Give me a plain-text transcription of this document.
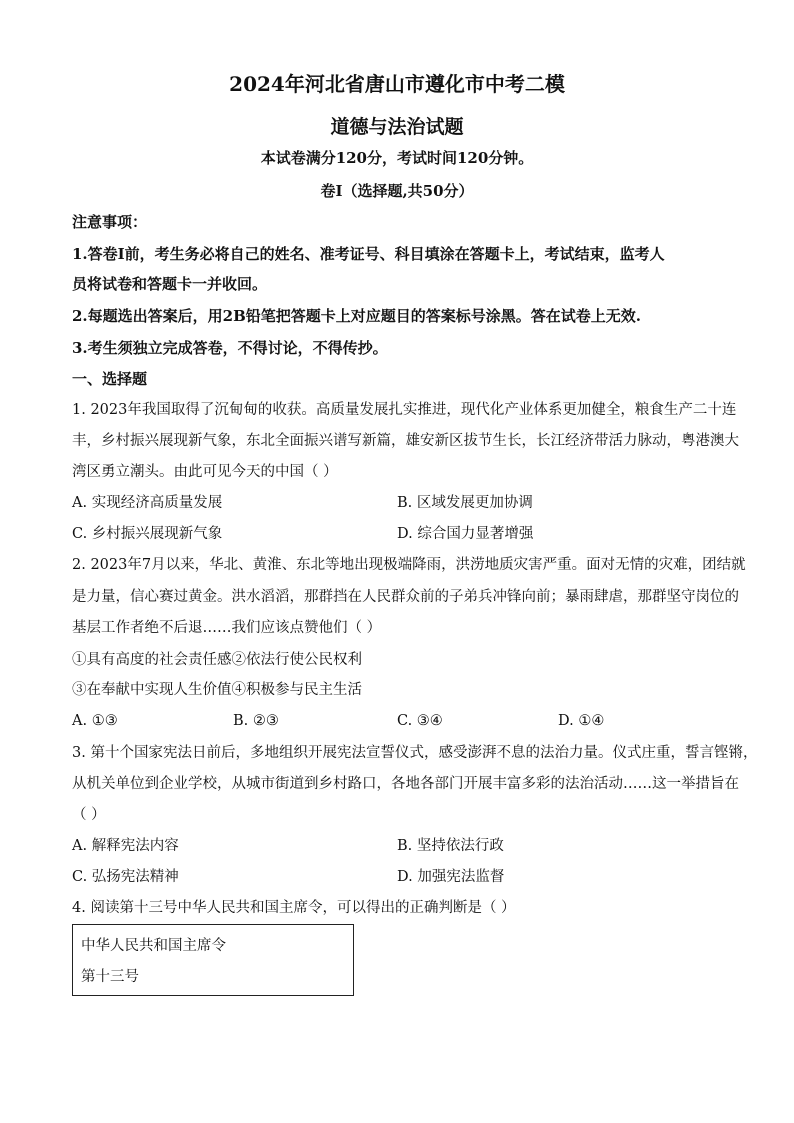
2024年河北省唐山市遵化市中考二模
道德与法治试题
本试卷满分120分，考试时间120分钟。
卷Ⅰ（选择题,共50分）
注意事项：
1.答卷Ⅰ前，考生务必将自己的姓名、准考证号、科目填涂在答题卡上，考试结束，监考人
员将试卷和答题卡一并收回。
2.每题选出答案后，用2B铅笔把答题卡上对应题目的答案标号涂黑。答在试卷上无效.
3.考生须独立完成答卷，不得讨论，不得传抄。
一、选择题
1. 2023年我国取得了沉甸甸的收获。高质量发展扎实推进，现代化产业体系更加健全，粮食生产二十连
丰，乡村振兴展现新气象，东北全面振兴谱写新篇，雄安新区拔节生长，长江经济带活力脉动，粤港澳大
湾区勇立潮头。由此可见今天的中国（ ）
A. 实现经济高质量发展	B. 区域发展更加协调
C. 乡村振兴展现新气象	D. 综合国力显著增强
2. 2023年7月以来，华北、黄淮、东北等地出现极端降雨，洪涝地质灾害严重。面对无情的灾难，团结就
是力量，信心赛过黄金。洪水滔滔，那群挡在人民群众前的子弟兵冲锋向前；暴雨肆虐，那群坚守岗位的
基层工作者绝不后退……我们应该点赞他们（ ）
①具有高度的社会责任感②依法行使公民权利
③在奉献中实现人生价值④积极参与民主生活
A. ①③	B. ②③	C. ③④	D. ①④
3. 第十个国家宪法日前后，多地组织开展宪法宣誓仪式，感受澎湃不息的法治力量。仪式庄重，誓言铿锵，
从机关单位到企业学校，从城市街道到乡村路口，各地各部门开展丰富多彩的法治活动……这一举措旨在
（ ）
A. 解释宪法内容	B. 坚持依法行政
C. 弘扬宪法精神	D. 加强宪法监督
4. 阅读第十三号中华人民共和国主席令，可以得出的正确判断是（ ）
中华人民共和国主席令
第十三号
